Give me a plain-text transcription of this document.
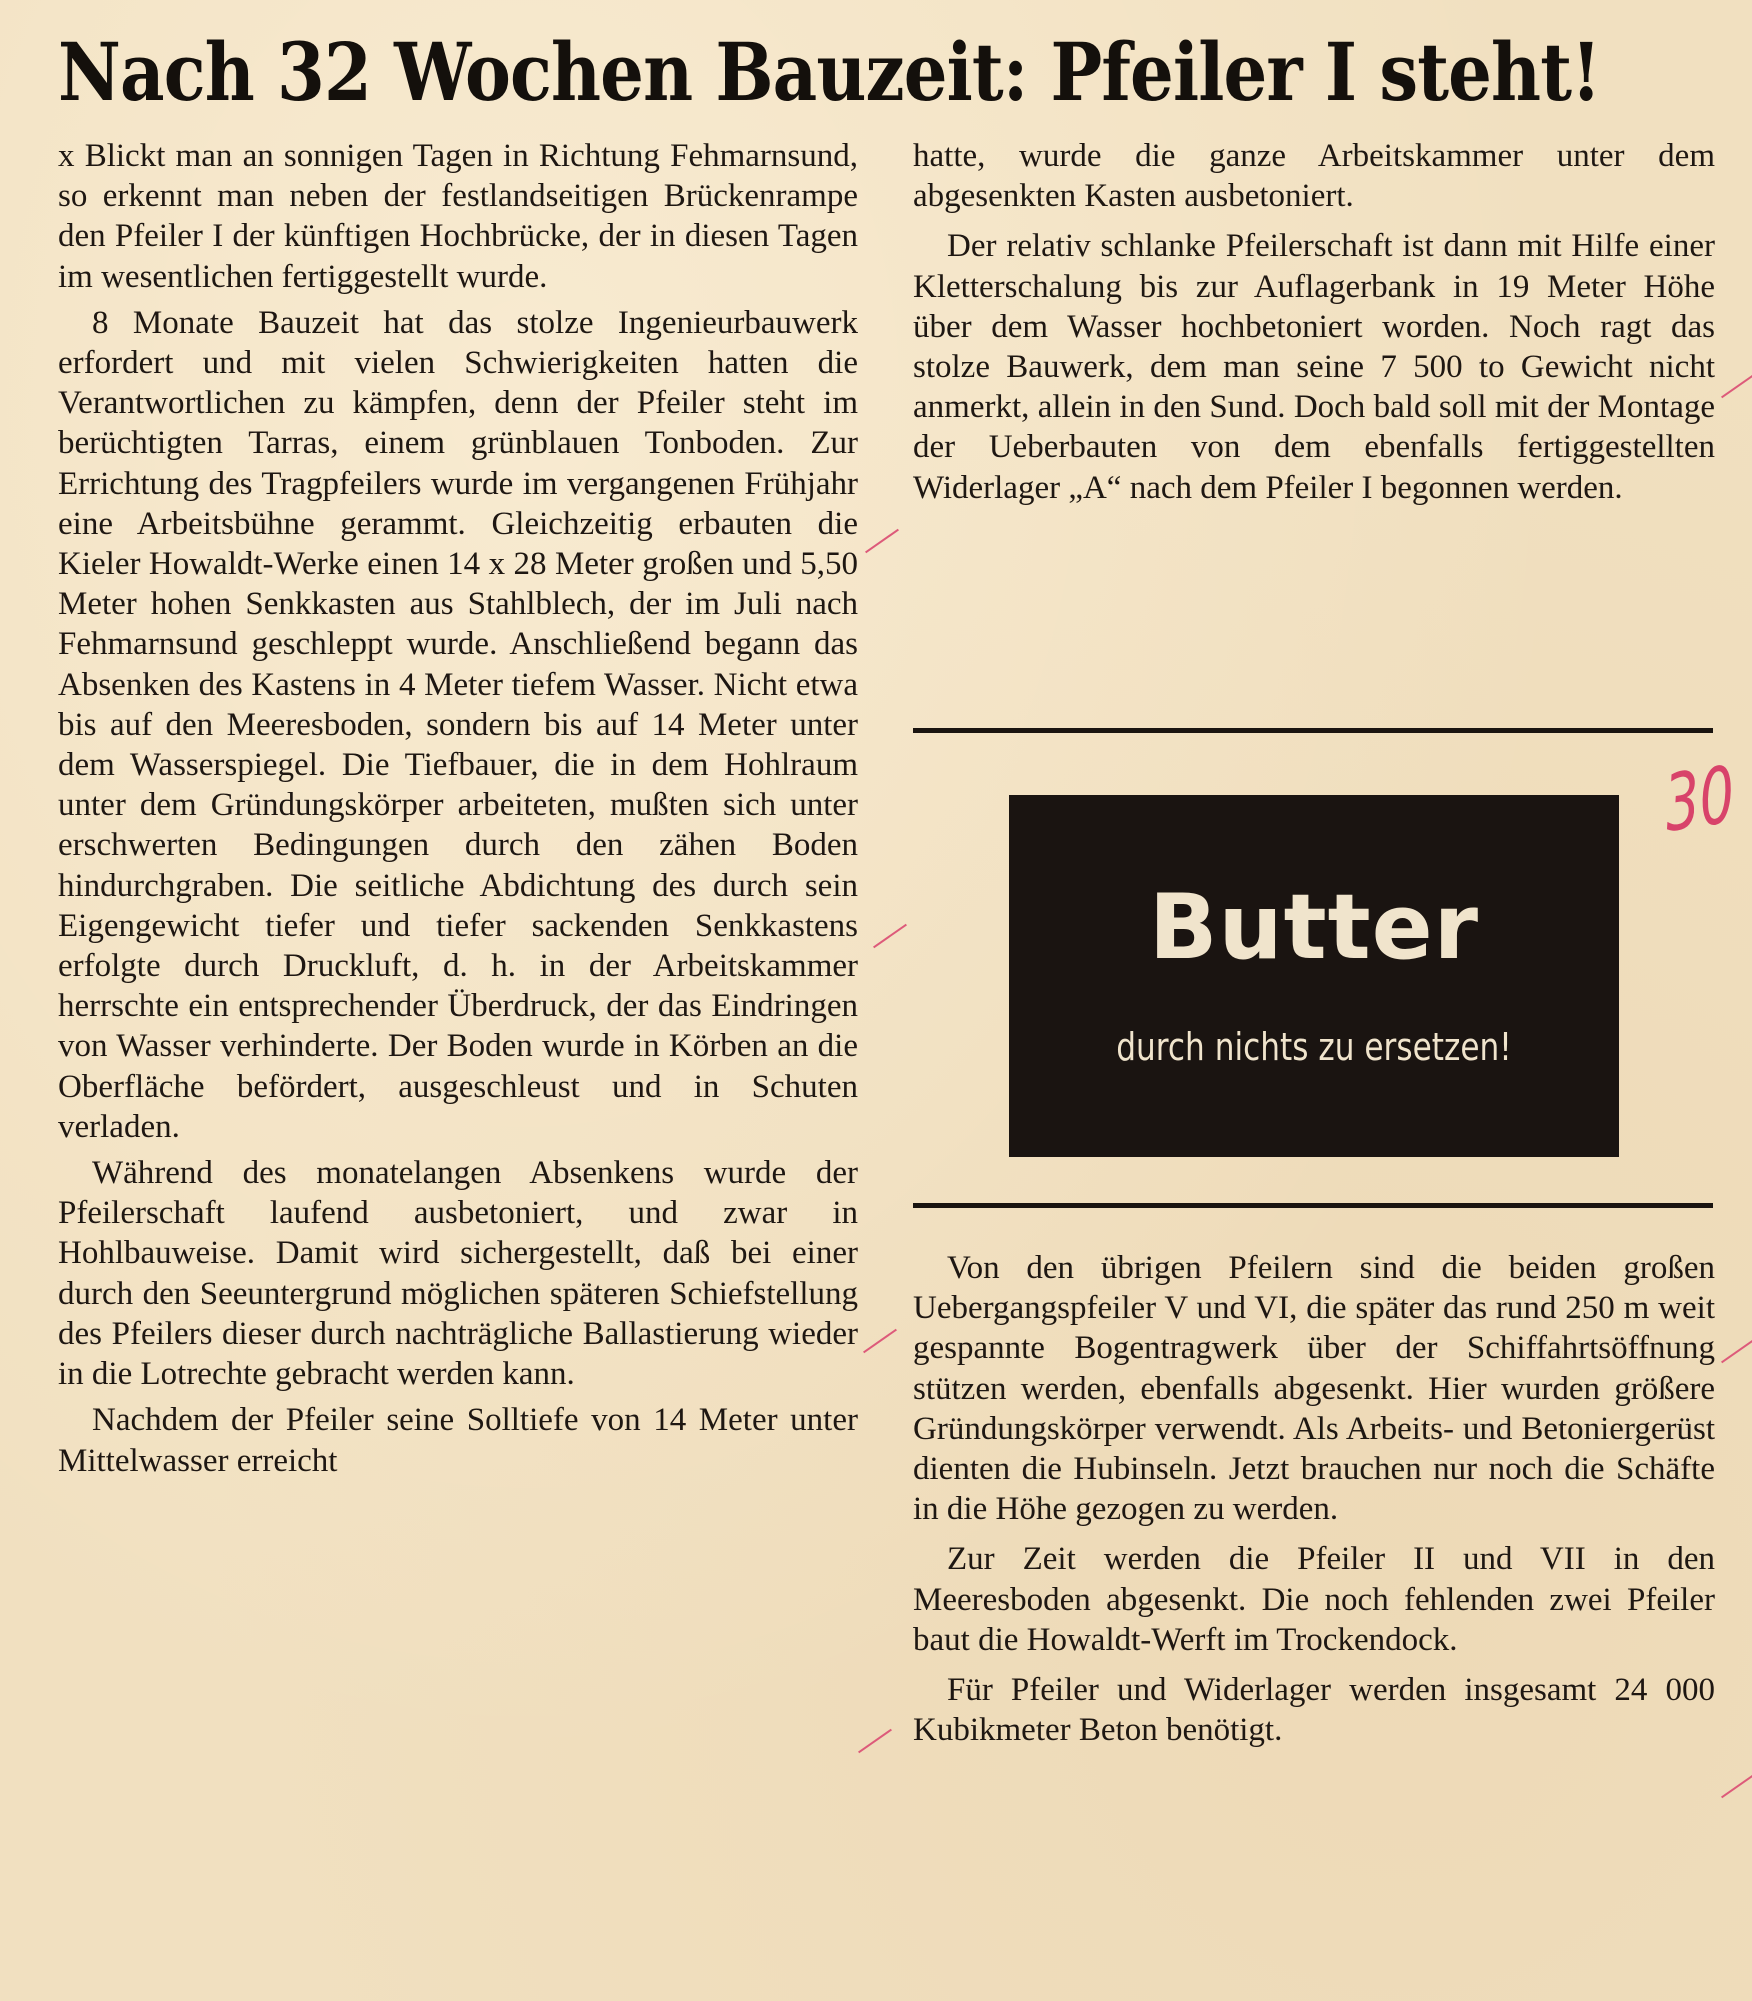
Nach 32 Wochen Bauzeit: Pfeiler I steht!

x Blickt man an sonnigen Tagen in Richtung Fehmarnsund, so erkennt man neben der festlandseitigen Brückenrampe den Pfeiler I der künftigen Hochbrücke, der in diesen Tagen im wesentlichen fertiggestellt wurde.

8 Monate Bauzeit hat das stolze Ingenieurbauwerk erfordert und mit vielen Schwierigkeiten hatten die Verantwortlichen zu kämpfen, denn der Pfeiler steht im berüchtigten Tarras, einem grünblauen Tonboden. Zur Errichtung des Tragpfeilers wurde im vergangenen Frühjahr eine Arbeitsbühne gerammt. Gleichzeitig erbauten die Kieler Howaldt-Werke einen 14 x 28 Meter großen und 5,50 Meter hohen Senkkasten aus Stahlblech, der im Juli nach Fehmarnsund geschleppt wurde. Anschließend begann das Absenken des Kastens in 4 Meter tiefem Wasser. Nicht etwa bis auf den Meeresboden, sondern bis auf 14 Meter unter dem Wasserspiegel. Die Tiefbauer, die in dem Hohlraum unter dem Gründungskörper arbeiteten, mußten sich unter erschwerten Bedingungen durch den zähen Boden hindurchgraben. Die seitliche Abdichtung des durch sein Eigengewicht tiefer und tiefer sackenden Senkkastens erfolgte durch Druckluft, d. h. in der Arbeitskammer herrschte ein entsprechender Überdruck, der das Eindringen von Wasser verhinderte. Der Boden wurde in Körben an die Oberfläche befördert, ausgeschleust und in Schuten verladen.

Während des monatelangen Absenkens wurde der Pfeilerschaft laufend ausbetoniert, und zwar in Hohlbauweise. Damit wird sichergestellt, daß bei einer durch den Seeuntergrund möglichen späteren Schiefstellung des Pfeilers dieser durch nachträgliche Ballastierung wieder in die Lotrechte gebracht werden kann.

Nachdem der Pfeiler seine Solltiefe von 14 Meter unter Mittelwasser erreicht

hatte, wurde die ganze Arbeitskammer unter dem abgesenkten Kasten ausbetoniert.

Der relativ schlanke Pfeilerschaft ist dann mit Hilfe einer Kletterschalung bis zur Auflagerbank in 19 Meter Höhe über dem Wasser hochbetoniert worden. Noch ragt das stolze Bauwerk, dem man seine 7 500 to Gewicht nicht anmerkt, allein in den Sund. Doch bald soll mit der Montage der Ueberbauten von dem ebenfalls fertiggestellten Widerlager „A“ nach dem Pfeiler I begonnen werden.

Butter
durch nichts zu ersetzen!
30

Von den übrigen Pfeilern sind die beiden großen Uebergangspfeiler V und VI, die später das rund 250 m weit gespannte Bogentragwerk über der Schiffahrtsöffnung stützen werden, ebenfalls abgesenkt. Hier wurden größere Gründungskörper verwendt. Als Arbeits- und Betoniergerüst dienten die Hubinseln. Jetzt brauchen nur noch die Schäfte in die Höhe gezogen zu werden.

Zur Zeit werden die Pfeiler II und VII in den Meeresboden abgesenkt. Die noch fehlenden zwei Pfeiler baut die Howaldt-Werft im Trockendock.

Für Pfeiler und Widerlager werden insgesamt 24 000 Kubikmeter Beton benötigt.
